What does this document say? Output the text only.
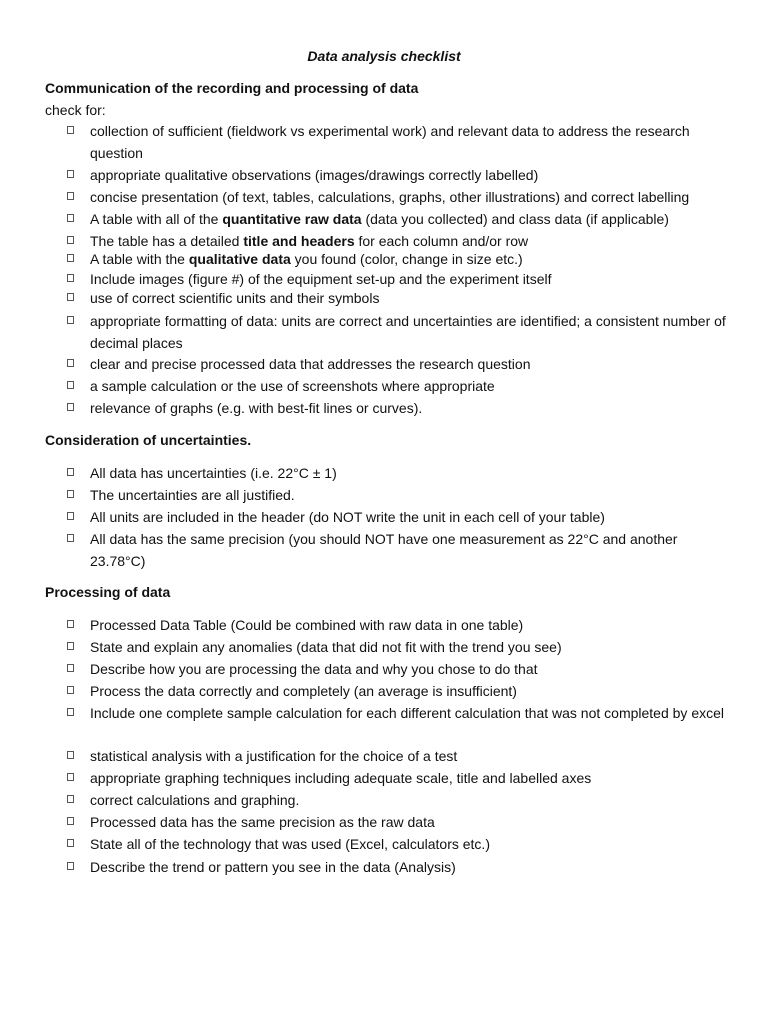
Data analysis checklist
Communication of the recording and processing of data
check for:
collection of sufficient (fieldwork vs experimental work) and relevant data to address the research question
appropriate qualitative observations (images/drawings correctly labelled)
concise presentation (of text, tables, calculations, graphs, other illustrations) and correct labelling
A table with all of the quantitative raw data (data you collected) and class data (if applicable)
The table has a detailed title and headers for each column and/or row
A table with the qualitative data you found (color, change in size etc.)
Include images (figure #) of the equipment set-up and the experiment itself
use of correct scientific units and their symbols
appropriate formatting of data: units are correct and uncertainties are identified; a consistent number of decimal places
clear and precise processed data that addresses the research question
a sample calculation or the use of screenshots where appropriate
relevance of graphs (e.g. with best-fit lines or curves).
Consideration of uncertainties.
All data has uncertainties (i.e. 22°C ± 1)
The uncertainties are all justified.
All units are included in the header (do NOT write the unit in each cell of your table)
All data has the same precision (you should NOT have one measurement as 22°C and another 23.78°C)
Processing of data
Processed Data Table (Could be combined with raw data in one table)
State and explain any anomalies (data that did not fit with the trend you see)
Describe how you are processing the data and why you chose to do that
Process the data correctly and completely (an average is insufficient)
Include one complete sample calculation for each different calculation that was not completed by excel
statistical analysis with a justification for the choice of a test
appropriate graphing techniques including adequate scale, title and labelled axes
correct calculations and graphing.
Processed data has the same precision as the raw data
State all of the technology that was used (Excel, calculators etc.)
Describe the trend or pattern you see in the data (Analysis)
